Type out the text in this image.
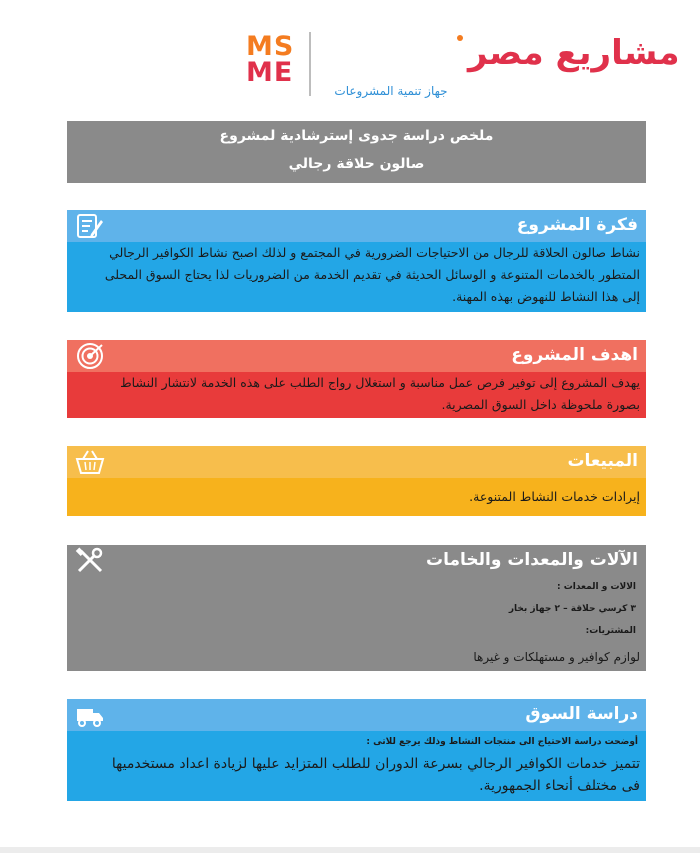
MS
ME	مشاريع مصر
جهاز تنمية المشروعات
ملخص دراسة جدوى إسترشادية لمشروع
صالون حلاقة رجالي
فكرة المشروع

نشاط صالون الحلاقة للرجال من الاحتياجات الضرورية في المجتمع و لذلك اصبح نشاط الكوافير الرجالي

المتطور بالخدمات المتنوعة و الوسائل الحديثة في تقديم الخدمة من الضروريات لذا يحتاج السوق المحلى

إلى هذا النشاط للنهوض بهذه المهنة.

اهدف المشروع

يهدف المشروع إلى توفير فرص عمل مناسبة و استغلال رواج الطلب على هذه الخدمة لانتشار النشاط

بصورة ملحوظة داخل السوق المصرية.

المبيعات

إيرادات خدمات النشاط المتنوعة.

الآلات والمعدات والخامات
الالات و المعدات :
٣ كرسي حلاقة – ٢ جهاز بخار
المشتريات:
لوازم كوافير و مستهلكات و غيرها
دراسة السوق
أوضحت دراسة الاحتياج الى منتجات النشاط وذلك يرجع للاتى :
تتميز خدمات الكوافير الرجالي بسرعة الدوران للطلب المتزايد عليها لزيادة اعداد مستخدميها
فى مختلف أنحاء الجمهورية.
